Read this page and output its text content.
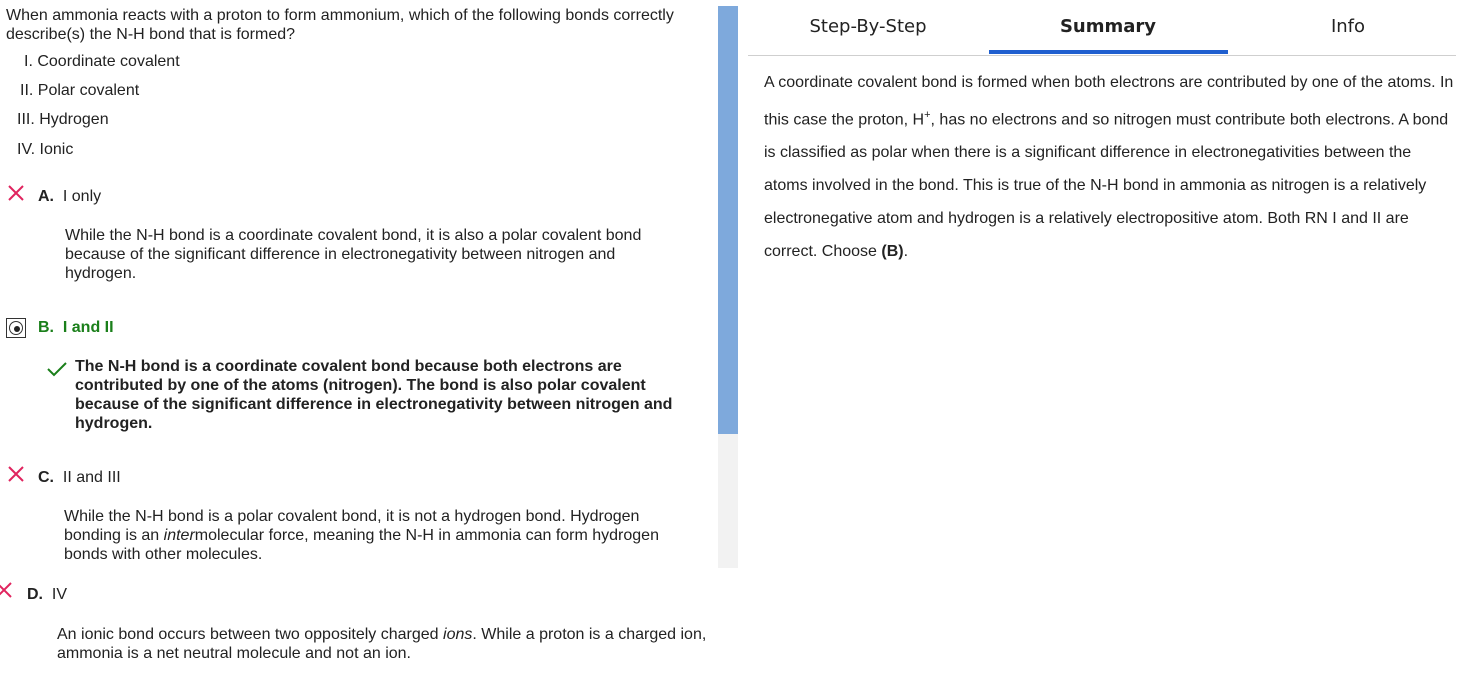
When ammonia reacts with a proton to form ammonium, which of the following bonds correctly describe(s) the N-H bond that is formed?
I. Coordinate covalent
II. Polar covalent
III. Hydrogen
IV. Ionic
A. I only
While the N-H bond is a coordinate covalent bond, it is also a polar covalent bond because of the significant difference in electronegativity between nitrogen and hydrogen.
B. I and II
The N-H bond is a coordinate covalent bond because both electrons are contributed by one of the atoms (nitrogen). The bond is also polar covalent because of the significant difference in electronegativity between nitrogen and hydrogen.
C. II and III
While the N-H bond is a polar covalent bond, it is not a hydrogen bond. Hydrogen bonding is an intermolecular force, meaning the N-H in ammonia can form hydrogen bonds with other molecules.
D. IV
An ionic bond occurs between two oppositely charged ions. While a proton is a charged ion, ammonia is a net neutral molecule and not an ion.
Step-By-Step	Summary	Info
A coordinate covalent bond is formed when both electrons are contributed by one of the atoms. In this case the proton, H+, has no electrons and so nitrogen must contribute both electrons. A bond is classified as polar when there is a significant difference in electronegativities between the atoms involved in the bond. This is true of the N-H bond in ammonia as nitrogen is a relatively electronegative atom and hydrogen is a relatively electropositive atom. Both RN I and II are correct. Choose (B).
